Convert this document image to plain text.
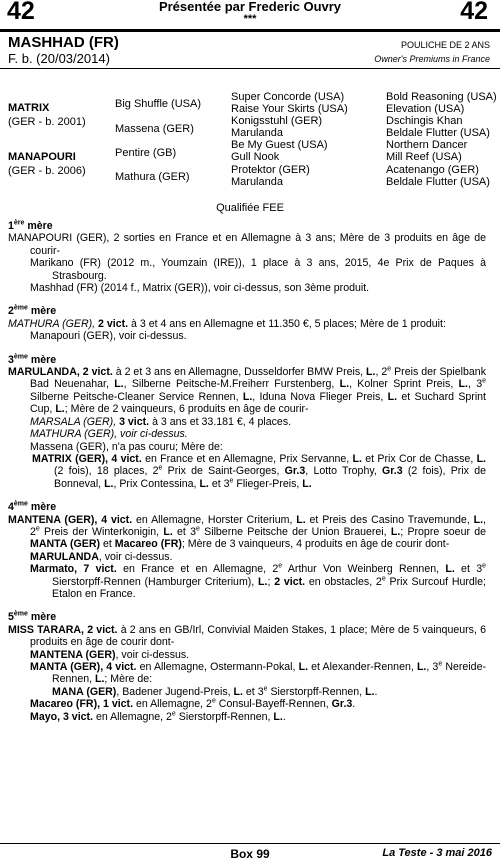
42	42
Présentée par Frederic Ouvry
***
MASHHAD (FR)
F. b. (20/03/2014)
POULICHE DE 2 ANS
Owner's Premiums in France
MATRIX
(GER - b. 2001)
MANAPOURI
(GER - b. 2006)
Big Shuffle (USA)
Massena (GER)
Pentire (GB)
Mathura (GER)
Super Concorde (USA)
Raise Your Skirts (USA)
Konigsstuhl (GER)
Marulanda
Be My Guest (USA)
Gull Nook
Protektor (GER)
Marulanda
Bold Reasoning (USA)
Elevation (USA)
Dschingis Khan
Beldale Flutter (USA)
Northern Dancer
Mill Reef (USA)
Acatenango (GER)
Beldale Flutter (USA)
Qualifiée FEE
1ère mère
MANAPOURI (GER), 2 sorties en France et en Allemagne à 3 ans; Mère de 3 produits en âge de courir-
Marikano (FR) (2012 m., Youmzain (IRE)), 1 place à 3 ans, 2015, 4e Prix de Paques à Strasbourg.
Mashhad (FR) (2014 f., Matrix (GER)), voir ci-dessus, son 3ème produit.
2ème mère
MATHURA (GER), 2 vict. à 3 et 4 ans en Allemagne et 11.350 €, 5 places; Mère de 1 produit:
Manapouri (GER), voir ci-dessus.
3ème mère
MARULANDA, 2 vict. à 2 et 3 ans en Allemagne, Dusseldorfer BMW Preis, L., 2e Preis der Spielbank Bad Neuenahar, L., Silberne Peitsche-M.Freiherr Furstenberg, L., Kolner Sprint Preis, L., 3e Silberne Peitsche-Cleaner Service Rennen, L., Iduna Nova Flieger Preis, L. et Suchard Sprint Cup, L.; Mère de 2 vainqueurs, 6 produits en âge de courir-
MARSALA (GER), 3 vict. à 3 ans et 33.181 €, 4 places.
MATHURA (GER), voir ci-dessus.
Massena (GER), n'a pas couru; Mère de:
MATRIX (GER), 4 vict. en France et en Allemagne, Prix Servanne, L. et Prix Cor de Chasse, L. (2 fois), 18 places, 2e Prix de Saint-Georges, Gr.3, Lotto Trophy, Gr.3 (2 fois), Prix de Bonneval, L., Prix Contessina, L. et 3e Flieger-Preis, L.
4ème mère
MANTENA (GER), 4 vict. en Allemagne, Horster Criterium, L. et Preis des Casino Travemunde, L., 2e Preis der Winterkonigin, L. et 3e Silberne Peitsche der Union Brauerei, L.; Propre soeur de MANTA (GER) et Macareo (FR); Mère de 3 vainqueurs, 4 produits en âge de courir dont-
MARULANDA, voir ci-dessus.
Marmato, 7 vict. en France et en Allemagne, 2e Arthur Von Weinberg Rennen, L. et 3e Sierstorpff-Rennen (Hamburger Criterium), L.; 2 vict. en obstacles, 2e Prix Surcouf Hurdle; Etalon en France.
5ème mère
MISS TARARA, 2 vict. à 2 ans en GB/Irl, Convivial Maiden Stakes, 1 place; Mère de 5 vainqueurs, 6 produits en âge de courir dont-
MANTENA (GER), voir ci-dessus.
MANTA (GER), 4 vict. en Allemagne, Ostermann-Pokal, L. et Alexander-Rennen, L., 3e Nereide-Rennen, L.; Mère de:
MANA (GER), Badener Jugend-Preis, L. et 3e Sierstorpff-Rennen, L..
Macareo (FR), 1 vict. en Allemagne, 2e Consul-Bayeff-Rennen, Gr.3.
Mayo, 3 vict. en Allemagne, 2e Sierstorpff-Rennen, L..
Box 99	La Teste - 3 mai 2016
